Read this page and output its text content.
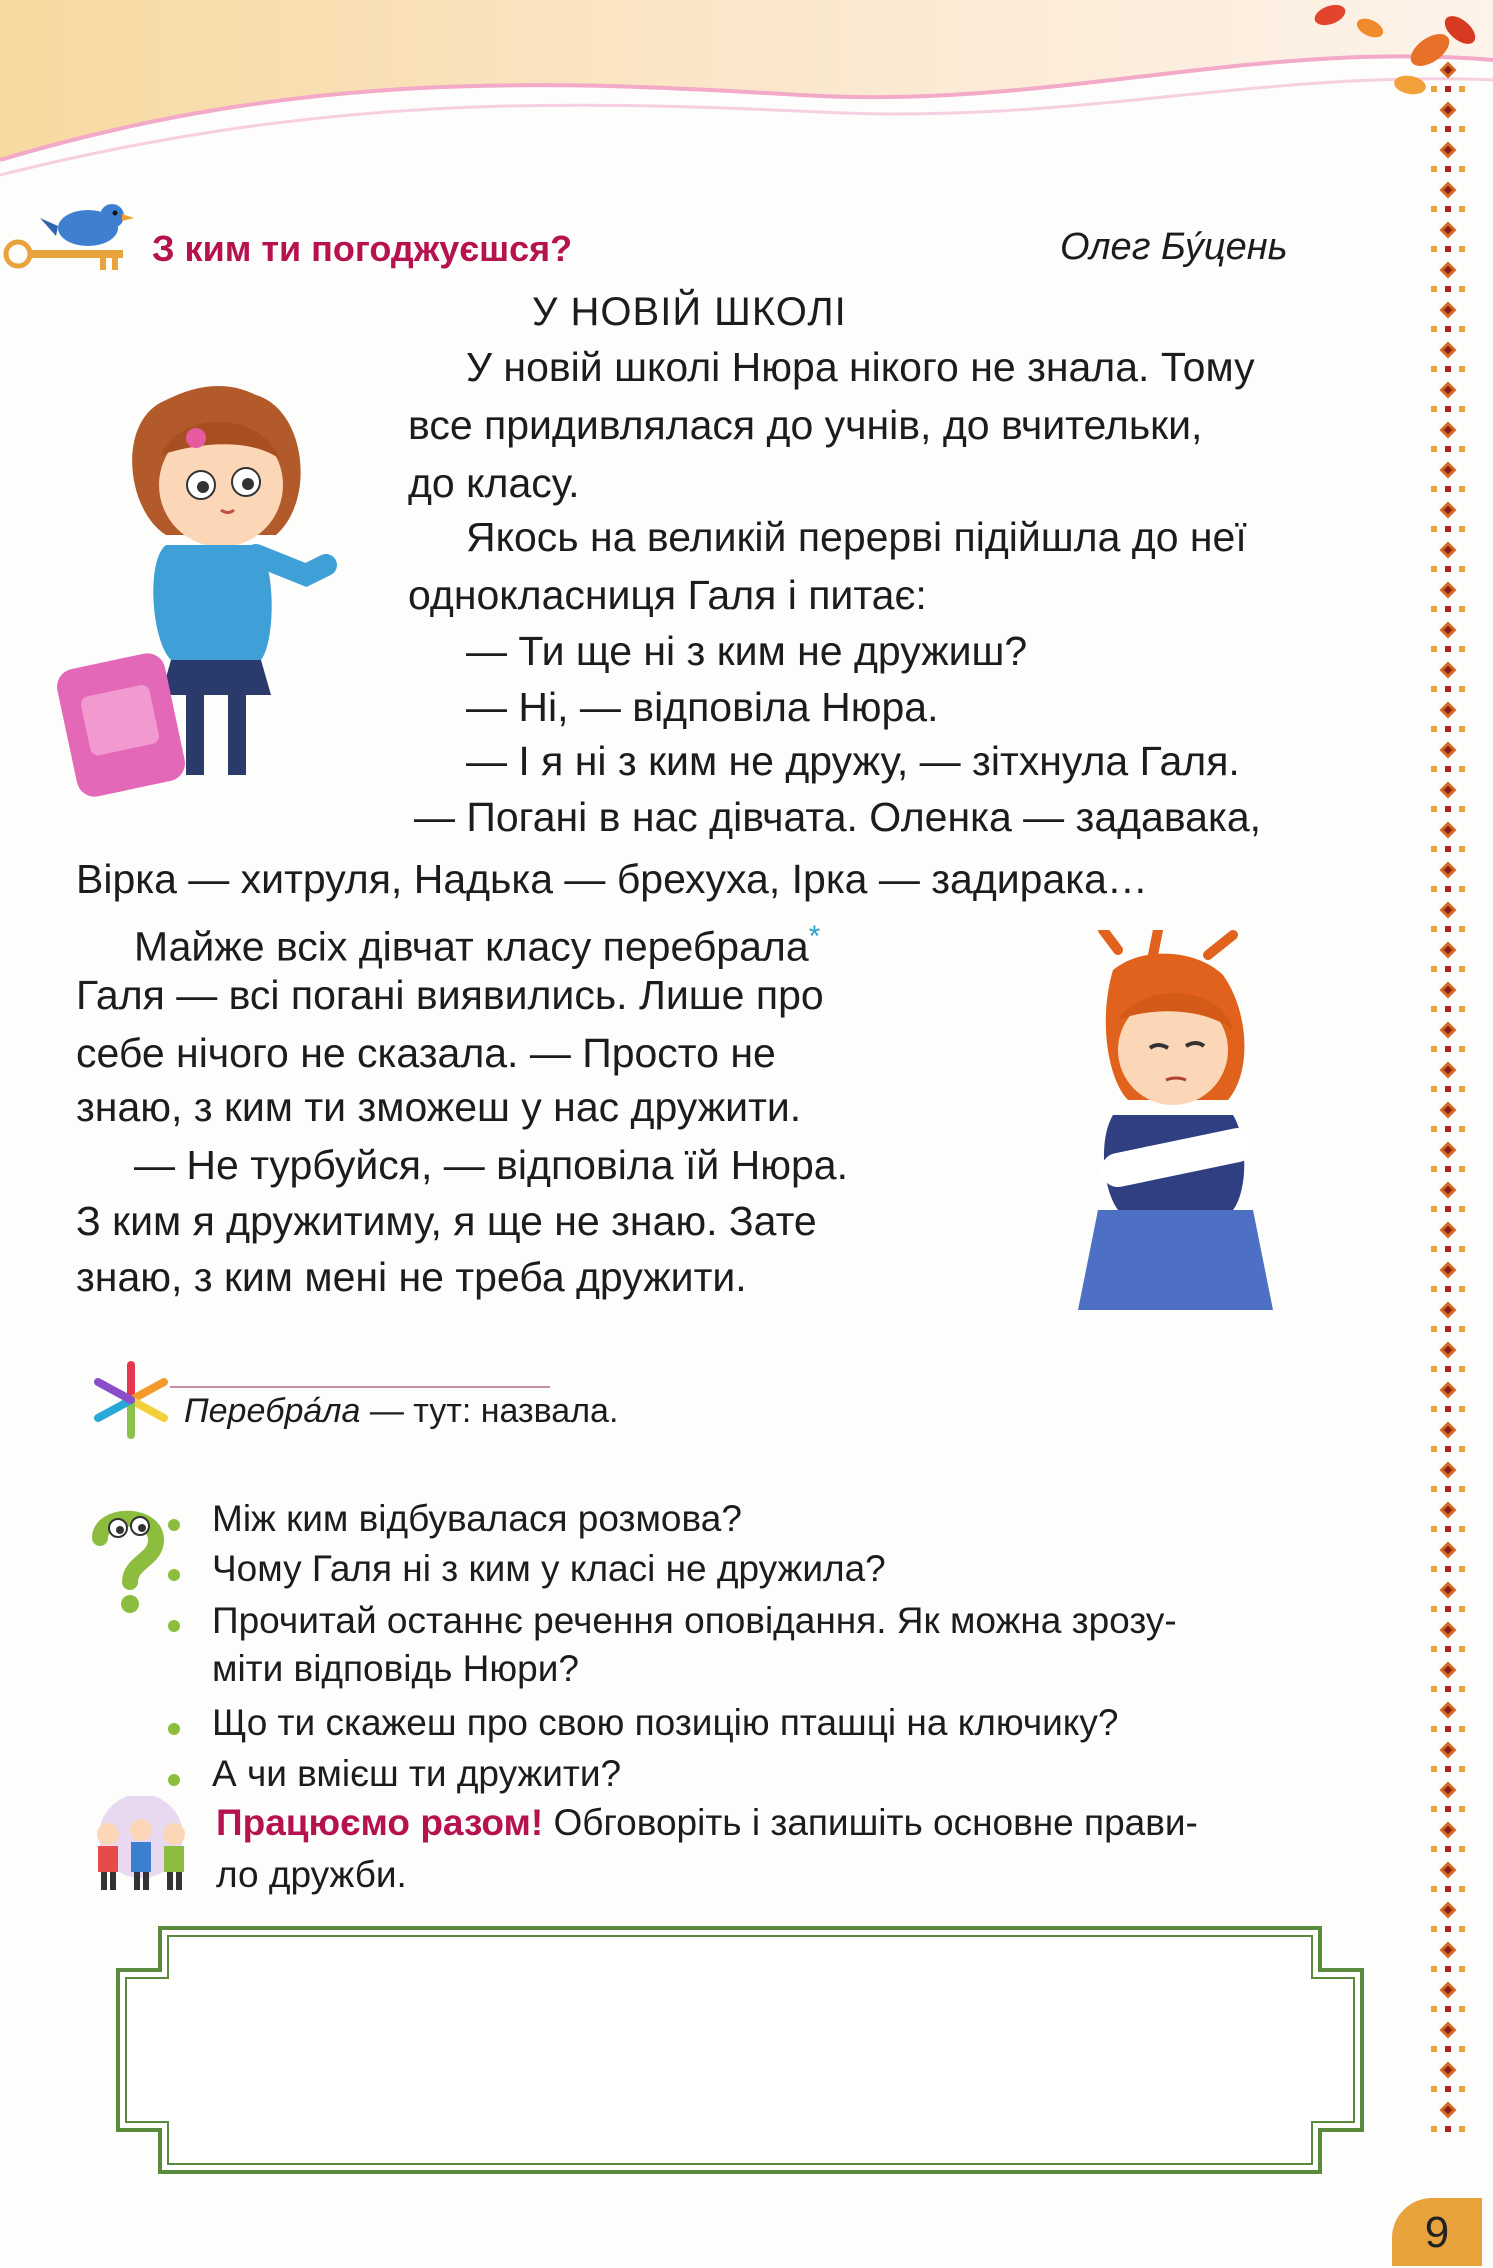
З ким ти погоджуєшся?	Олег Бу́цень
У НОВІЙ ШКОЛІ
У новій школі Нюра нікого не знала. Тому
все придивлялася до учнів, до вчительки,
до класу.
Якось на великій перерві підійшла до неї
однокласниця Галя і питає:
— Ти ще ні з ким не дружиш?
— Ні, — відповіла Нюра.
— І я ні з ким не дружу, — зітхнула Галя.
— Погані в нас дівчата. Оленка — задавака,
Вірка — хитруля, Надька — брехуха, Ірка — задирака…
Майже всіх дівчат класу перебрала*
Галя — всі погані виявились. Лише про
себе нічого не сказала. — Просто не
знаю, з ким ти зможеш у нас дружити.
— Не турбуйся, — відповіла їй Нюра.
З ким я дружитиму, я ще не знаю. Зате
знаю, з ким мені не треба дружити.
Перебра́ла — тут: назвала.
Між ким відбувалася розмова?
Чому Галя ні з ким у класі не дружила?
Прочитай останнє речення оповідання. Як можна зрозу-
міти відповідь Нюри?
Що ти скажеш про свою позицію пташці на ключику?
А чи вмієш ти дружити?
Працюємо разом! Обговоріть і запишіть основне прави-
ло дружби.
9
